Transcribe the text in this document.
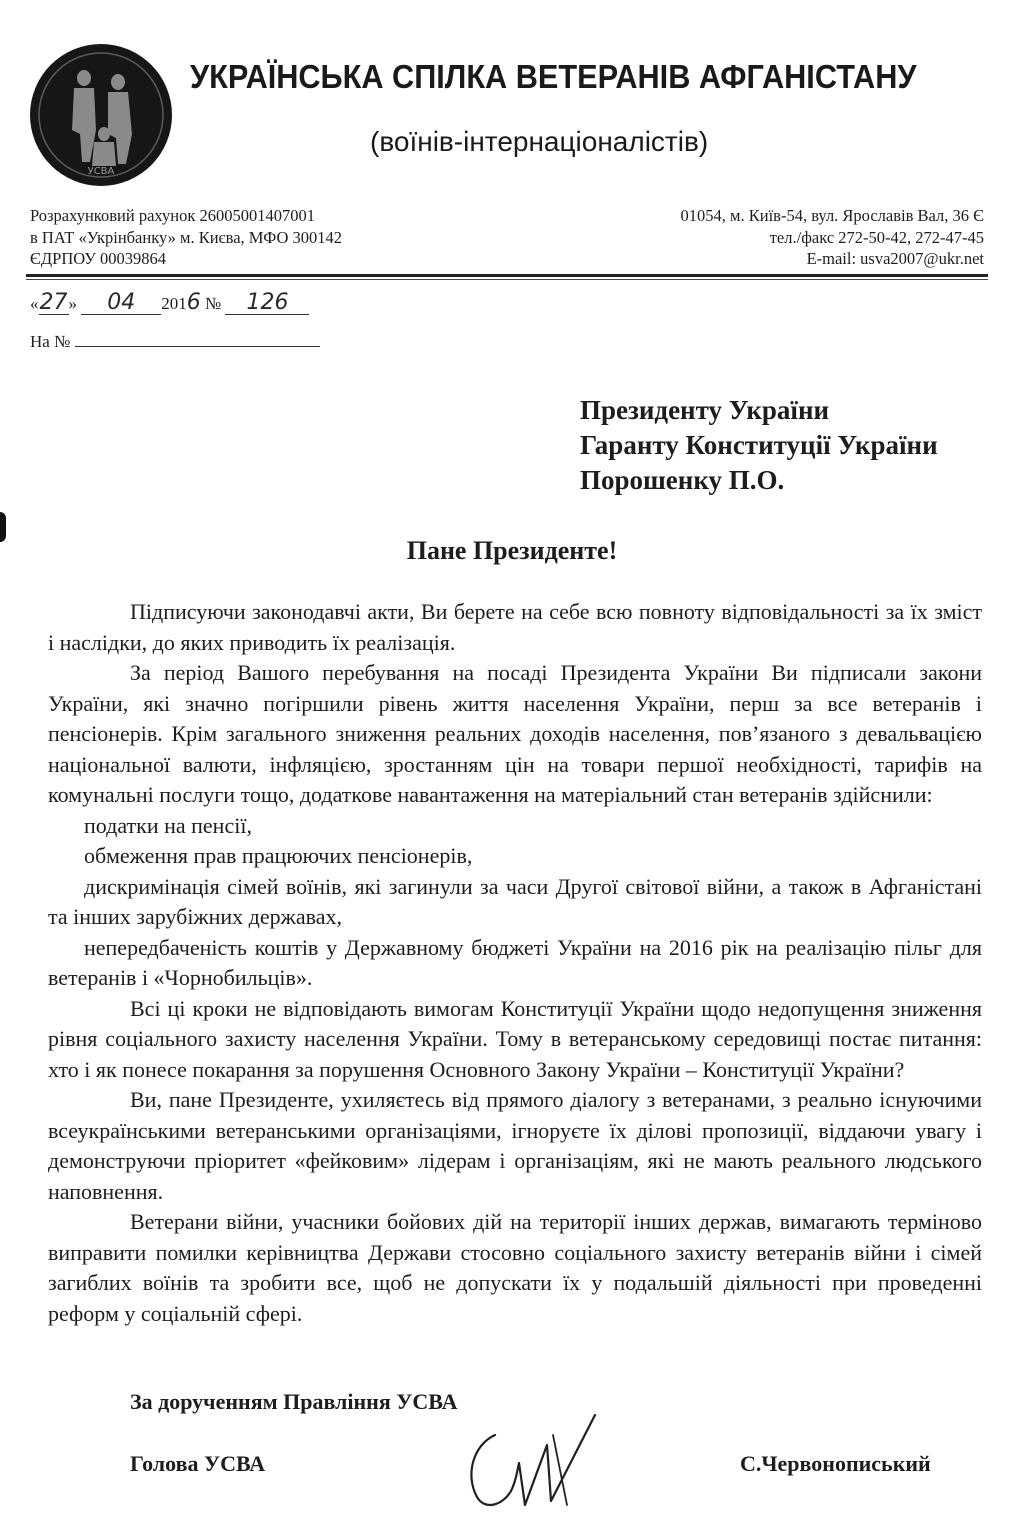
УСВА
УКРАЇНСЬКА СПІЛКА ВЕТЕРАНІВ АФГАНІСТАНУ
(воїнів-інтернаціоналістів)
Розрахунковий рахунок 26005001407001
в ПАТ «Укрінбанку» м. Києва, МФО 300142
ЄДРПОУ 00039864
01054, м. Київ-54, вул. Ярославів Вал, 36 Є
тел./факс 272-50-42, 272-47-45
E-mail: usva2007@ukr.net
«27» 04 2016 № 126
На №
Президенту України
Гаранту Конституції України
Порошенку П.О.
Пане Президенте!

Підписуючи законодавчі акти, Ви берете на себе всю повноту відповідальності за їх зміст і наслідки, до яких приводить їх реалізація.

За період Вашого перебування на посаді Президента України Ви підписали закони України, які значно погіршили рівень життя населення України, перш за все ветеранів і пенсіонерів. Крім загального зниження реальних доходів населення, пов’язаного з девальвацією національної валюти, інфляцією, зростанням цін на товари першої необхідності, тарифів на комунальні послуги тощо, додаткове навантаження на матеріальний стан ветеранів здійснили:

податки на пенсії,

обмеження прав працюючих пенсіонерів,

дискримінація сімей воїнів, які загинули за часи Другої світової війни, а також в Афганістані та інших зарубіжних державах,

непередбаченість коштів у Державному бюджеті України на 2016 рік на реалізацію пільг для ветеранів і «Чорнобильців».

Всі ці кроки не відповідають вимогам Конституції України щодо недопущення зниження рівня соціального захисту населення України. Тому в ветеранському середовищі постає питання: хто і як понесе покарання за порушення Основного Закону України – Конституції України?

Ви, пане Президенте, ухиляєтесь від прямого діалогу з ветеранами, з реально існуючими всеукраїнськими ветеранськими організаціями, ігноруєте їх ділові пропозиції, віддаючи увагу і демонструючи пріоритет «фейковим» лідерам і організаціям, які не мають реального людського наповнення.

Ветерани війни, учасники бойових дій на території інших держав, вимагають терміново виправити помилки керівництва Держави стосовно соціального захисту ветеранів війни і сімей загиблих воїнів та зробити все, щоб не допускати їх у подальшій діяльності при проведенні реформ у соціальній сфері.

За дорученням Правління УСВА
Голова УСВА	С.Червонописький
